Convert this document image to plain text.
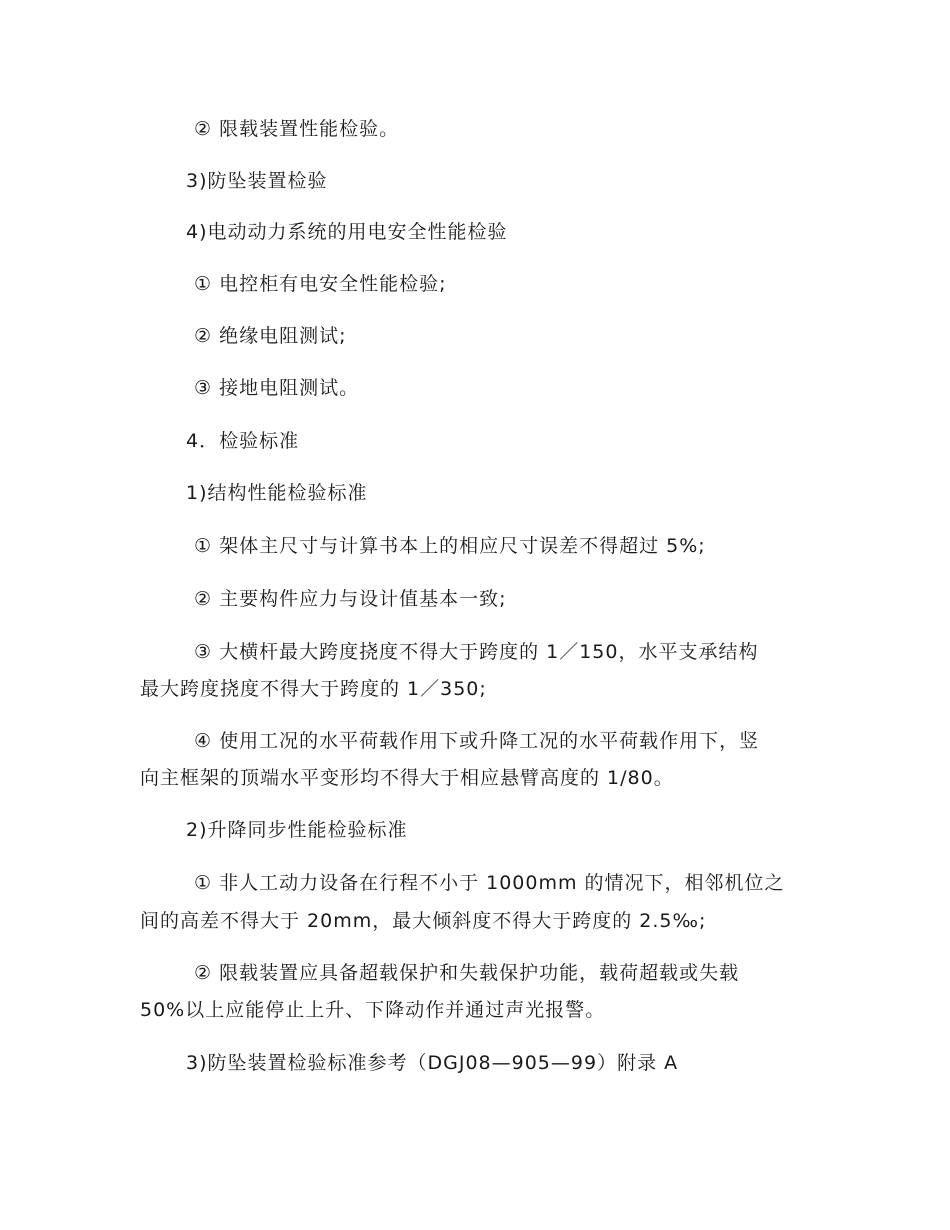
② 限载装置性能检验。
3)防坠装置检验
4)电动动力系统的用电安全性能检验
① 电控柜有电安全性能检验;
② 绝缘电阻测试;
③ 接地电阻测试。
4．检验标准
1)结构性能检验标准
① 架体主尺寸与计算书本上的相应尺寸误差不得超过 5%;
② 主要构件应力与设计值基本一致;
③ 大横杆最大跨度挠度不得大于跨度的 1／150，水平支承结构
最大跨度挠度不得大于跨度的 1／350;
④ 使用工况的水平荷载作用下或升降工况的水平荷载作用下，竖
向主框架的顶端水平变形均不得大于相应悬臂高度的 1/80。
2)升降同步性能检验标准
① 非人工动力设备在行程不小于 1000mm 的情况下，相邻机位之
间的高差不得大于 20mm，最大倾斜度不得大于跨度的 2.5‰;
② 限载装置应具备超载保护和失载保护功能，载荷超载或失载
50%以上应能停止上升、下降动作并通过声光报警。
3)防坠装置检验标准参考（DGJ08—905—99）附录 A
